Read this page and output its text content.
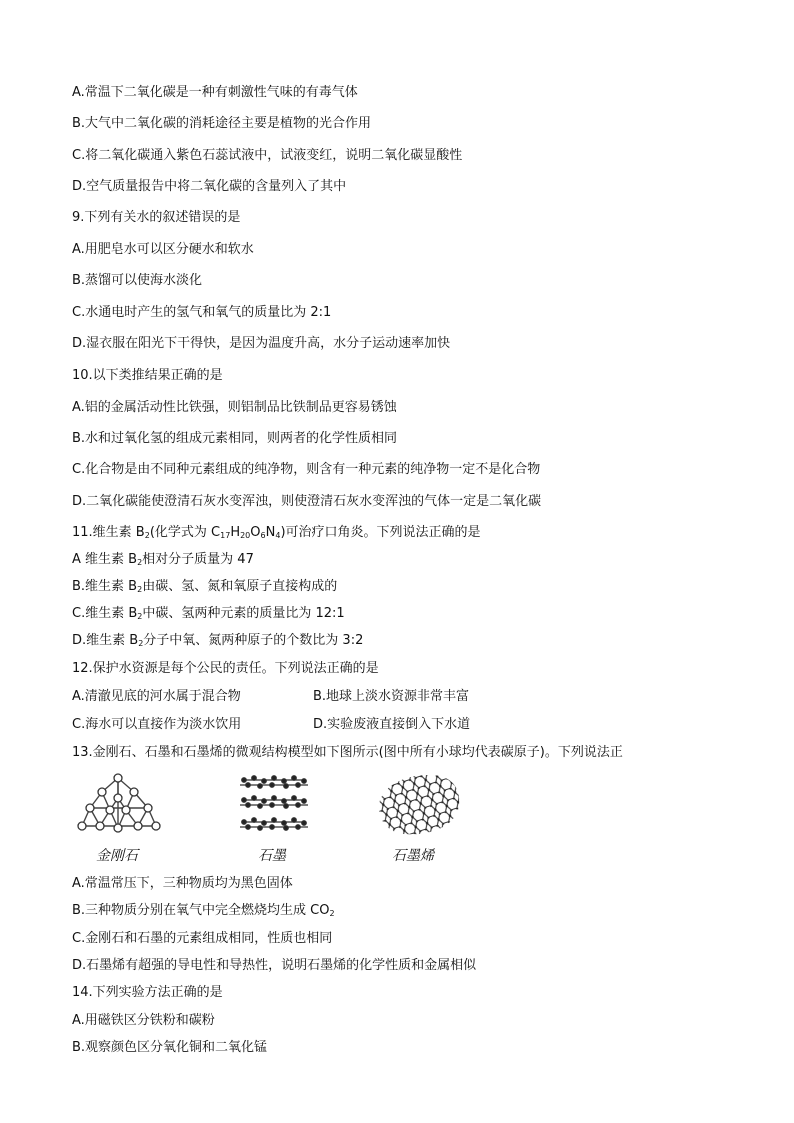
A.常温下二氧化碳是一种有刺激性气味的有毒气体
B.大气中二氧化碳的消耗途径主要是植物的光合作用
C.将二氧化碳通入紫色石蕊试液中，试液变红，说明二氧化碳显酸性
D.空气质量报告中将二氧化碳的含量列入了其中
9.下列有关水的叙述错误的是
A.用肥皂水可以区分硬水和软水
B.蒸馏可以使海水淡化
C.水通电时产生的氢气和氧气的质量比为 2:1
D.湿衣服在阳光下干得快，是因为温度升高，水分子运动速率加快
10.以下类推结果正确的是
A.铝的金属活动性比铁强，则铝制品比铁制品更容易锈蚀
B.水和过氧化氢的组成元素相同，则两者的化学性质相同
C.化合物是由不同种元素组成的纯净物，则含有一种元素的纯净物一定不是化合物
D.二氧化碳能使澄清石灰水变浑浊，则使澄清石灰水变浑浊的气体一定是二氧化碳
11.维生素 $B_2$(化学式为 $C_{17}H_{20}O_6N_4$)可治疗口角炎。下列说法正确的是
A 维生素 $B_2$相对分子质量为 47
B.维生素 $B_2$由碳、氢、氮和氧原子直接构成的
C.维生素 $B_2$中碳、氢两种元素的质量比为 12:1
D.维生素 $B_2$分子中氧、氮两种原子的个数比为 3:2
12.保护水资源是每个公民的责任。下列说法正确的是
A.清澈见底的河水属于混合物	B.地球上淡水资源非常丰富
C.海水可以直接作为淡水饮用	D.实验废液直接倒入下水道
13.金刚石、石墨和石墨烯的微观结构模型如下图所示(图中所有小球均代表碳原子)。下列说法正
金刚石	石墨	石墨烯
A.常温常压下，三种物质均为黑色固体
B.三种物质分别在氧气中完全燃烧均生成 $CO_2$
C.金刚石和石墨的元素组成相同，性质也相同
D.石墨烯有超强的导电性和导热性，说明石墨烯的化学性质和金属相似
14.下列实验方法正确的是
A.用磁铁区分铁粉和碳粉
B.观察颜色区分氧化铜和二氧化锰
